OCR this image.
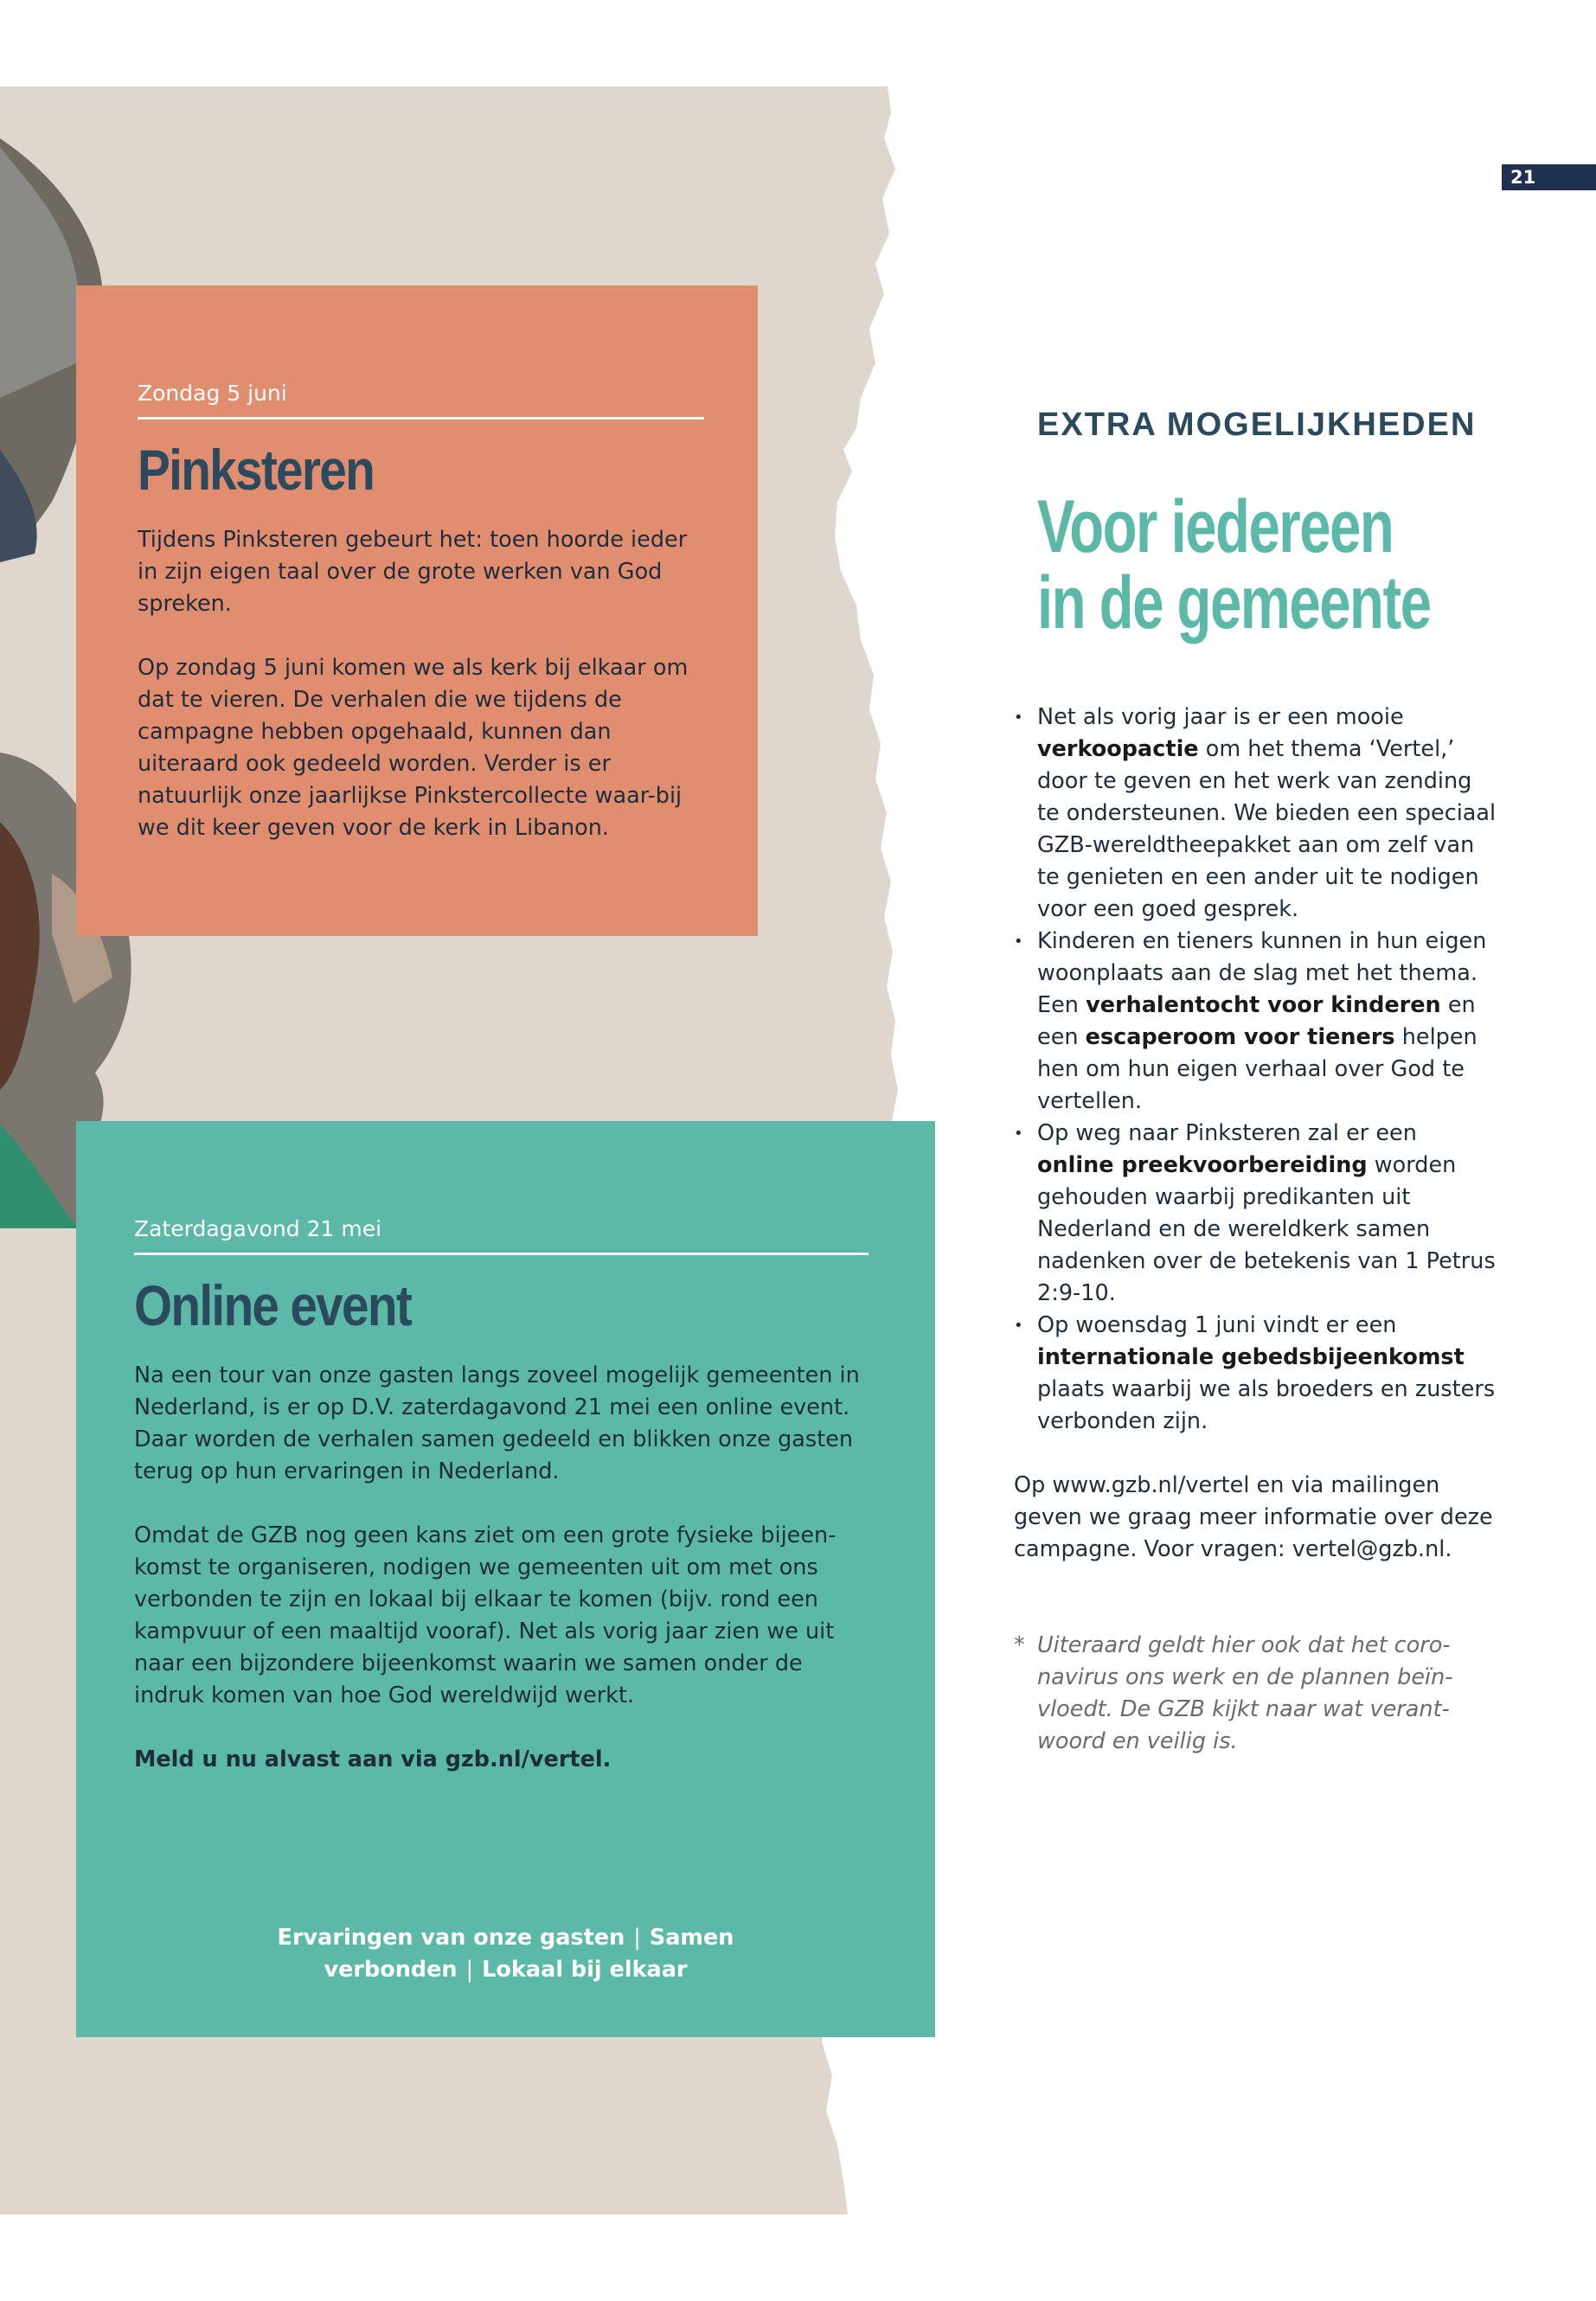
21

Zondag 5 juni

Pinksteren

Tijdens Pinksteren gebeurt het: toen hoorde ieder in zijn eigen taal over de grote werken van God spreken.

Op zondag 5 juni komen we als kerk bij elkaar om dat te vieren. De verhalen die we tijdens de campagne hebben opgehaald, kunnen dan uiteraard ook gedeeld worden. Verder is er natuurlijk onze jaarlijkse Pinkstercollecte waar-bij we dit keer geven voor de kerk in Libanon.

Zaterdagavond 21 mei

Online event

Na een tour van onze gasten langs zoveel mogelijk gemeenten in Nederland, is er op D.V. zaterdagavond 21 mei een online event. Daar worden de verhalen samen gedeeld en blikken onze gasten terug op hun ervaringen in Nederland.

Omdat de GZB nog geen kans ziet om een grote fysieke bijeen-komst te organiseren, nodigen we gemeenten uit om met ons verbonden te zijn en lokaal bij elkaar te komen (bijv. rond een kampvuur of een maaltijd vooraf). Net als vorig jaar zien we uit naar een bijzondere bijeenkomst waarin we samen onder de indruk komen van hoe God wereldwijd werkt.

Meld u nu alvast aan via gzb.nl/vertel.

Ervaringen van onze gasten | Samen verbonden | Lokaal bij elkaar

EXTRA MOGELIJKHEDEN

Voor iedereen
in de gemeente
• Net als vorig jaar is er een mooie verkoopactie om het thema ‘Vertel,’ door te geven en het werk van zending te ondersteunen. We bieden een speciaal GZB-wereldtheepakket aan om zelf van te genieten en een ander uit te nodigen voor een goed gesprek.
• Kinderen en tieners kunnen in hun eigen woonplaats aan de slag met het thema. Een verhalentocht voor kinderen en een escaperoom voor tieners helpen hen om hun eigen verhaal over God te vertellen.
• Op weg naar Pinksteren zal er een online preekvoorbereiding worden gehouden waarbij predikanten uit Nederland en de wereldkerk samen nadenken over de betekenis van 1 Petrus 2:9-10.
• Op woensdag 1 juni vindt er een internationale gebedsbijeenkomst plaats waarbij we als broeders en zusters verbonden zijn.

Op www.gzb.nl/vertel en via mailingen geven we graag meer informatie over deze campagne. Voor vragen: vertel@gzb.nl.

* Uiteraard geldt hier ook dat het coro-navirus ons werk en de plannen beïn-vloedt. De GZB kijkt naar wat verant-woord en veilig is.
